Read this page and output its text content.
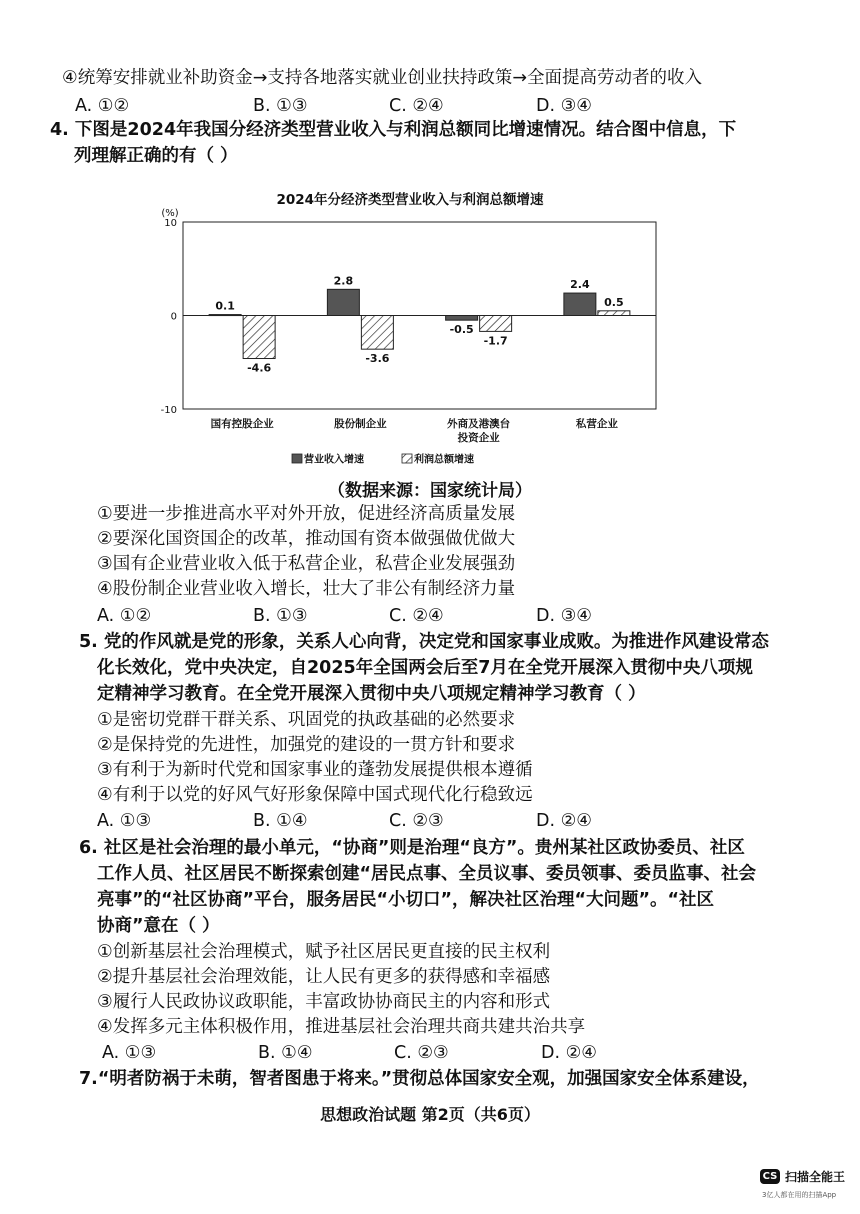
④统筹安排就业补助资金→支持各地落实就业创业扶持政策→全面提高劳动者的收入
A. ①②	B. ①③	C. ②④	D. ③④
4. 下图是2024年我国分经济类型营业收入与利润总额同比增速情况。结合图中信息，下
列理解正确的有（ ）
2024年分经济类型营业收入与利润总额增速
(%)
10
0
-10
0.1
2.8
-0.5
2.4
-4.6
-3.6
-1.7
0.5
国有控股企业	股份制企业	外商及港澳台投资企业
私营企业
营业收入增速	利润总额增速
（数据来源：国家统计局）
①要进一步推进高水平对外开放，促进经济高质量发展
②要深化国资国企的改革，推动国有资本做强做优做大
③国有企业营业收入低于私营企业，私营企业发展强劲
④股份制企业营业收入增长，壮大了非公有制经济力量
A. ①②	B. ①③	C. ②④	D. ③④
5. 党的作风就是党的形象，关系人心向背，决定党和国家事业成败。为推进作风建设常态
化长效化，党中央决定，自2025年全国两会后至7月在全党开展深入贯彻中央八项规
定精神学习教育。在全党开展深入贯彻中央八项规定精神学习教育（ ）
①是密切党群干群关系、巩固党的执政基础的必然要求
②是保持党的先进性，加强党的建设的一贯方针和要求
③有利于为新时代党和国家事业的蓬勃发展提供根本遵循
④有利于以党的好风气好形象保障中国式现代化行稳致远
A. ①③	B. ①④	C. ②③	D. ②④
6. 社区是社会治理的最小单元，“协商”则是治理“良方”。贵州某社区政协委员、社区
工作人员、社区居民不断探索创建“居民点事、全员议事、委员领事、委员监事、社会
亮事”的“社区协商”平台，服务居民“小切口”，解决社区治理“大问题”。“社区
协商”意在（ ）
①创新基层社会治理模式，赋予社区居民更直接的民主权利
②提升基层社会治理效能，让人民有更多的获得感和幸福感
③履行人民政协议政职能，丰富政协协商民主的内容和形式
④发挥多元主体积极作用，推进基层社会治理共商共建共治共享
A. ①③	B. ①④	C. ②③	D. ②④
7.“明者防祸于未萌，智者图患于将来。”贯彻总体国家安全观，加强国家安全体系建设，
思想政治试题 第2页（共6页）
CS 扫描全能王
3亿人都在用的扫描App
